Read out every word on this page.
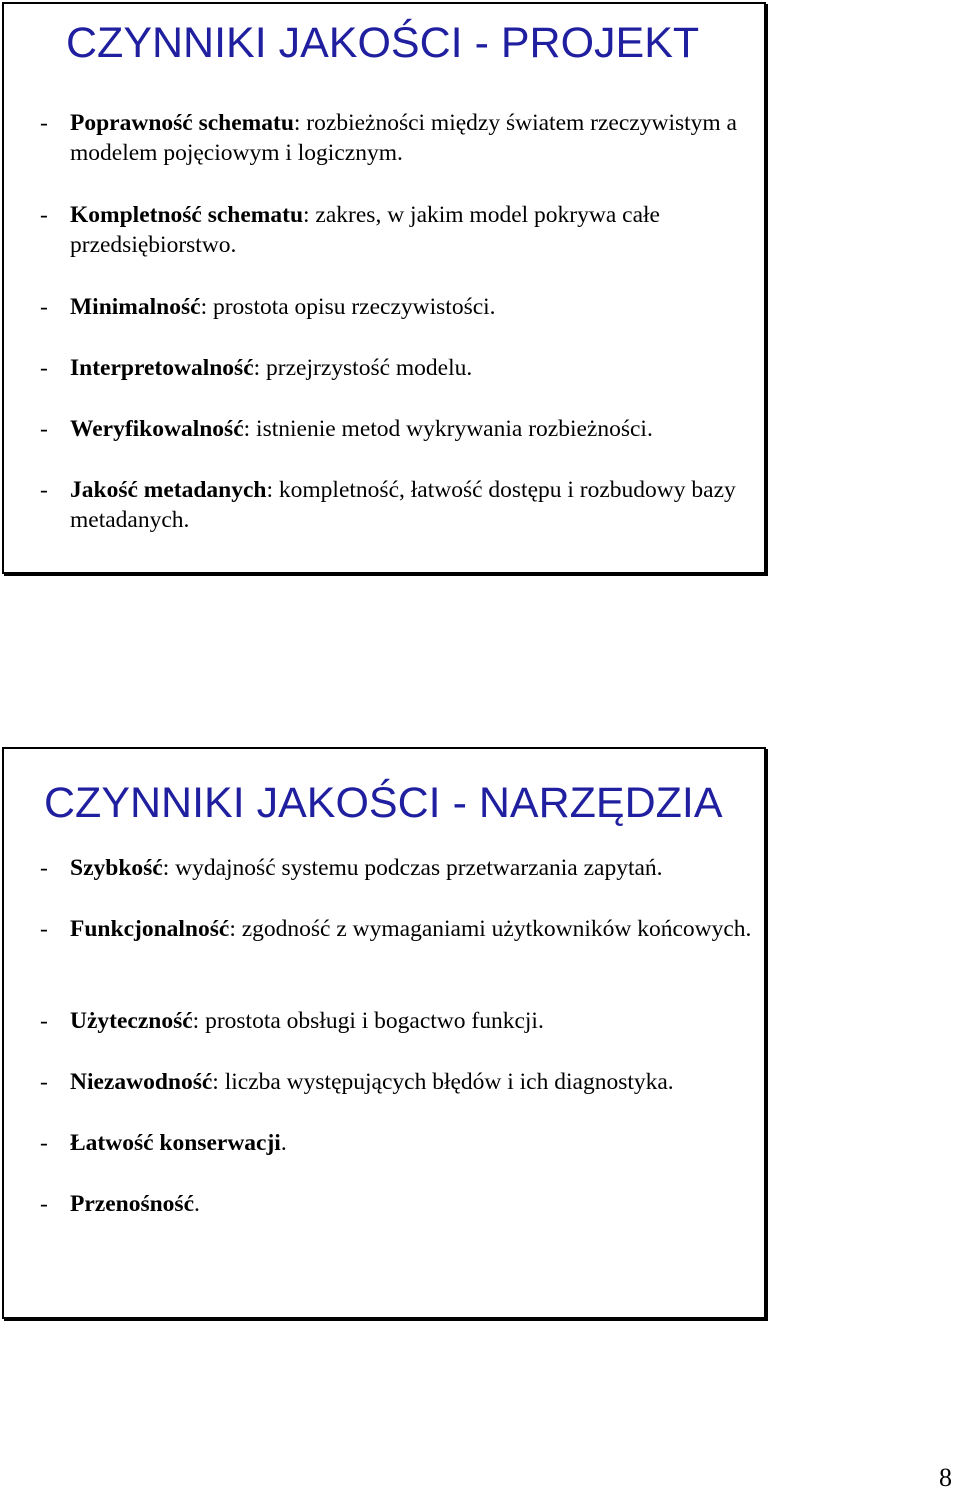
CZYNNIKI JAKOŚCI - PROJEKT
- Poprawność schematu: rozbieżności między światem rzeczywistym a modelem pojęciowym i logicznym.
- Kompletność schematu: zakres, w jakim model pokrywa całe przedsiębiorstwo.
- Minimalność: prostota opisu rzeczywistości.
- Interpretowalność: przejrzystość modelu.
- Weryfikowalność: istnienie metod wykrywania rozbieżności.
- Jakość metadanych: kompletność, łatwość dostępu i rozbudowy bazy metadanych.
CZYNNIKI JAKOŚCI - NARZĘDZIA
- Szybkość: wydajność systemu podczas przetwarzania zapytań.
- Funkcjonalność: zgodność z wymaganiami użytkowników końcowych.
- Użyteczność: prostota obsługi i bogactwo funkcji.
- Niezawodność: liczba występujących błędów i ich diagnostyka.
- Łatwość konserwacji.
- Przenośność.
8
